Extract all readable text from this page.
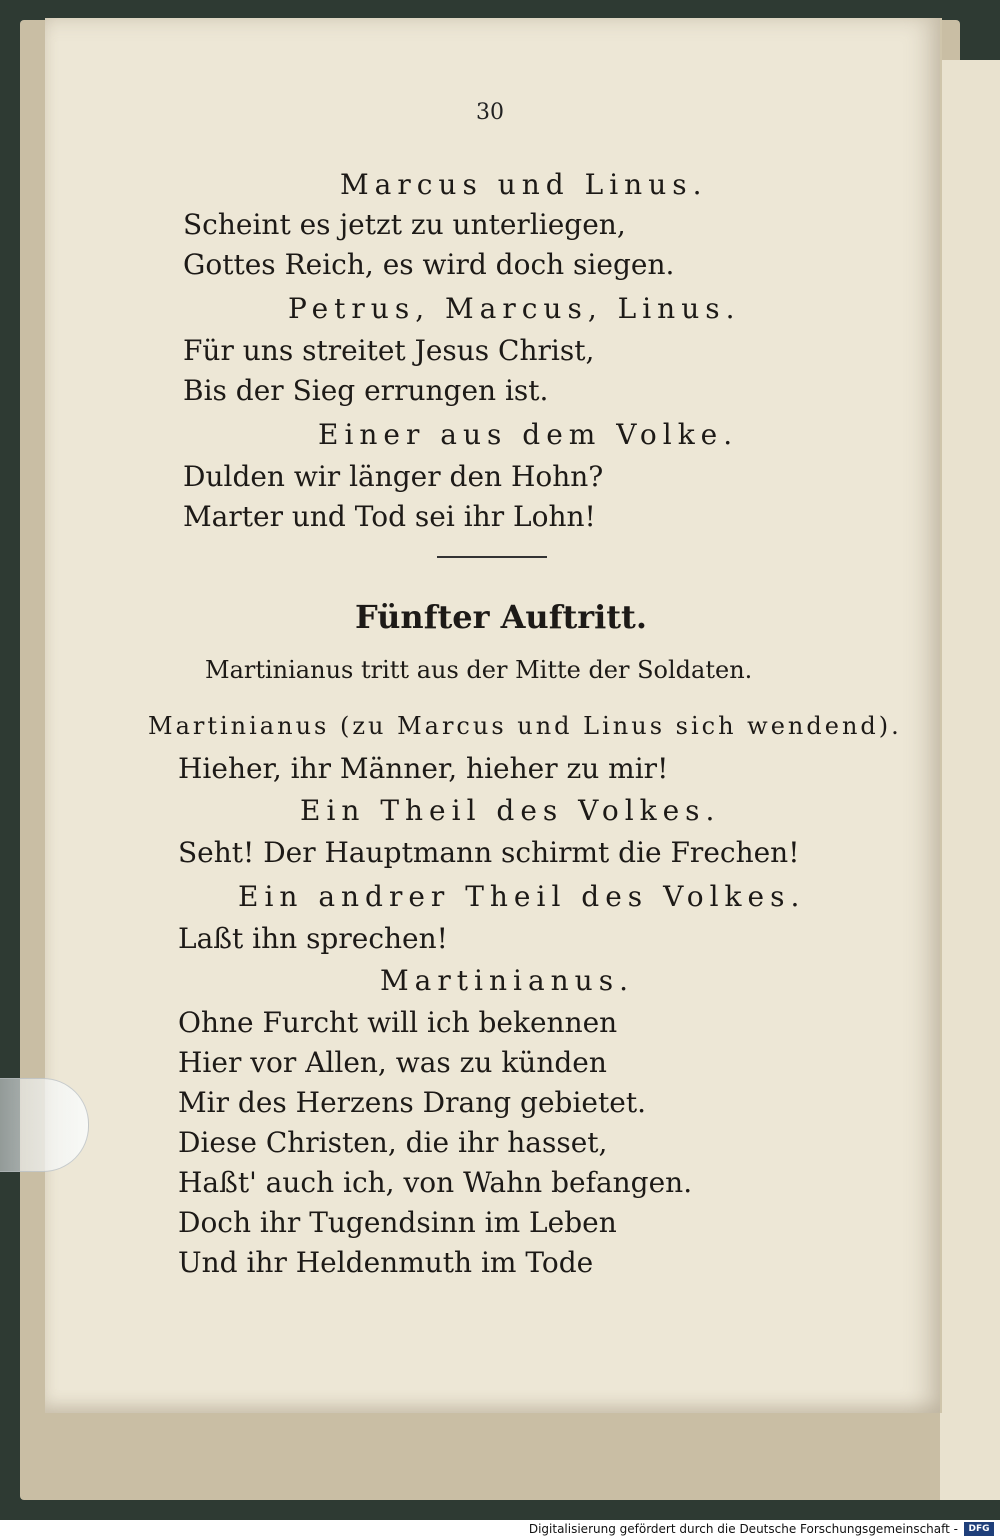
30
Marcus und Linus.
Scheint es jetzt zu unterliegen,
Gottes Reich, es wird doch siegen.
Petrus, Marcus, Linus.
Für uns streitet Jesus Christ,
Bis der Sieg errungen ist.
Einer aus dem Volke.
Dulden wir länger den Hohn?
Marter und Tod sei ihr Lohn!
Fünfter Auftritt.
Martinianus tritt aus der Mitte der Soldaten.
Martinianus (zu Marcus und Linus sich wendend).
Hieher, ihr Männer, hieher zu mir!
Ein Theil des Volkes.
Seht! Der Hauptmann schirmt die Frechen!
Ein andrer Theil des Volkes.
Laßt ihn sprechen!
Martinianus.
Ohne Furcht will ich bekennen
Hier vor Allen, was zu künden
Mir des Herzens Drang gebietet.
Diese Christen, die ihr hasset,
Haßt' auch ich, von Wahn befangen.
Doch ihr Tugendsinn im Leben
Und ihr Heldenmuth im Tode
Digitalisierung gefördert durch die Deutsche Forschungsgemeinschaft -	DFG
